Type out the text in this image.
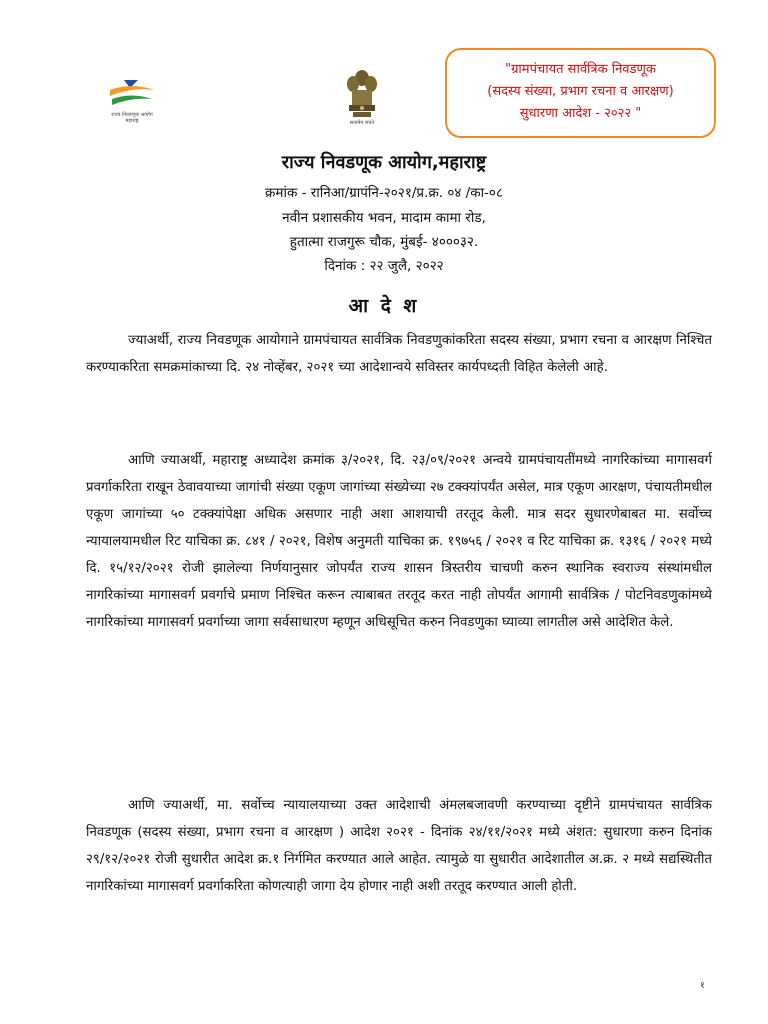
राज्य निवडणूक आयोग
महाराष्ट्र	सत्यमेव जयते
"ग्रामपंचायत सार्वत्रिक निवडणूक
(सदस्य संख्या, प्रभाग रचना व आरक्षण)
सुधारणा आदेश - २०२२ "
राज्य निवडणूक आयोग,महाराष्ट्र
क्रमांक - रानिआ/ग्रापंनि-२०२१/प्र.क्र. ०४ /का-०८
नवीन प्रशासकीय भवन, मादाम कामा रोड,
हुतात्मा राजगुरू चौक, मुंबई- ४०००३२.
दिनांक : २२ जुलै, २०२२
आ दे श

ज्याअर्थी, राज्य निवडणूक आयोगाने ग्रामपंचायत सार्वत्रिक निवडणुकांकरिता सदस्य संख्या, प्रभाग रचना व आरक्षण निश्चित करण्याकरिता समक्रमांकाच्या दि. २४ नोव्हेंबर, २०२१ च्या आदेशान्वये सविस्तर कार्यपध्दती विहित केलेली आहे.

आणि ज्याअर्थी, महाराष्ट्र अध्यादेश क्रमांक ३/२०२१, दि. २३/०९/२०२१ अन्वये ग्रामपंचायतींमध्ये नागरिकांच्या मागासवर्ग प्रवर्गाकरिता राखून ठेवावयाच्या जागांची संख्या एकूण जागांच्या संख्येच्या २७ टक्क्यांपर्यंत असेल, मात्र एकूण आरक्षण, पंचायतीमधील एकूण जागांच्या ५० टक्क्यांपेक्षा अधिक असणार नाही अशा आशयाची तरतूद केली. मात्र सदर सुधारणेबाबत मा. सर्वोच्च न्यायालयामधील रिट याचिका क्र. ८४१ / २०२१, विशेष अनुमती याचिका क्र. १९७५६ / २०२१ व रिट याचिका क्र. १३१६ / २०२१ मध्ये दि. १५/१२/२०२१ रोजी झालेल्या निर्णयानुसार जोपर्यंत राज्य शासन त्रिस्तरीय चाचणी करुन स्थानिक स्वराज्य संस्थांमधील नागरिकांच्या मागासवर्ग प्रवर्गाचे प्रमाण निश्चित करून त्याबाबत तरतूद करत नाही तोपर्यंत आगामी सार्वत्रिक / पोटनिवडणुकांमध्ये नागरिकांच्या मागासवर्ग प्रवर्गाच्या जागा सर्वसाधारण म्हणून अधिसूचित करुन निवडणुका घ्याव्या लागतील असे आदेशित केले.

आणि ज्याअर्थी, मा. सर्वोच्च न्यायालयाच्या उक्त आदेशाची अंमलबजावणी करण्याच्या दृष्टीने ग्रामपंचायत सार्वत्रिक निवडणूक (सदस्य संख्या, प्रभाग रचना व आरक्षण ) आदेश २०२१ - दिनांक २४/११/२०२१ मध्ये अंशत: सुधारणा करुन दिनांक २९/१२/२०२१ रोजी सुधारीत आदेश क्र.१ निर्गमित करण्यात आले आहेत. त्यामुळे या सुधारीत आदेशातील अ.क्र. २ मध्ये सद्यस्थितीत नागरिकांच्या मागासवर्ग प्रवर्गाकरिता कोणत्याही जागा देय होणार नाही अशी तरतूद करण्यात आली होती.

१
